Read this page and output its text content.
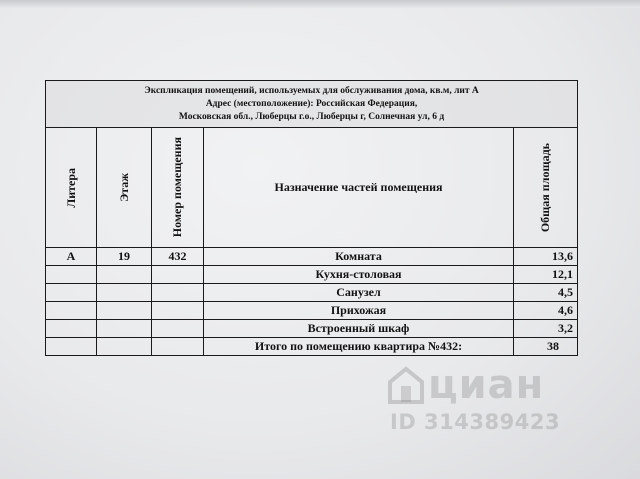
Экспликация помещений, используемых для обслуживания дома, кв.м, лит А
Адрес (местоположение): Российская Федерация,
Московская обл., Люберцы г.о., Люберцы г, Солнечная ул, 6 д				

Литера	Этаж	Номер помещения	Назначение частей помещения	Общая площадь

А	19	432	Комната	13,6
			Кухня-столовая	12,1
			Санузел	4,5
			Прихожая	4,6
			Встроенный шкаф	3,2
			Итого по помещению квартира №432:	38
циан
ID 314389423
